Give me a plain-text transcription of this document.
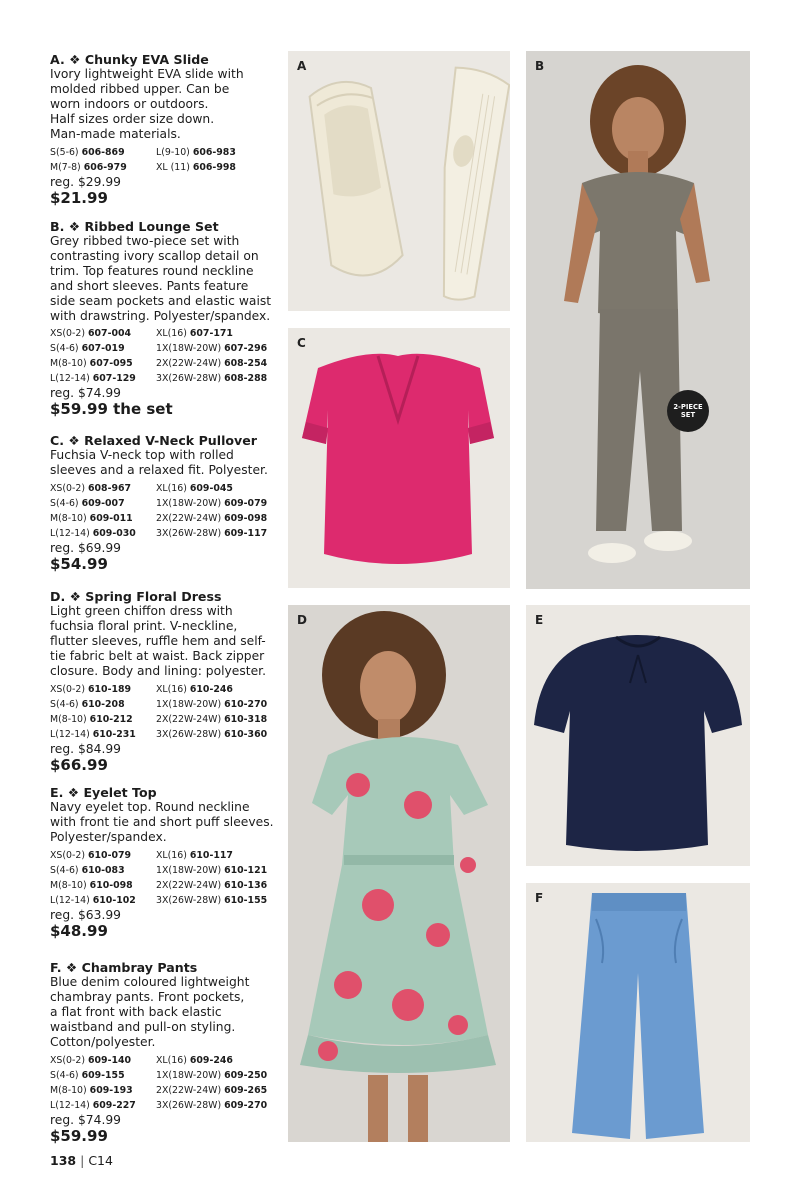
A. ❖ Chunky EVA Slide
Ivory lightweight EVA slide with
molded ribbed upper. Can be
worn indoors or outdoors.
Half sizes order size down.
Man-made materials.
S(5-6) 606-869	L(9-10) 606-983
M(7-8) 606-979	XL (11) 606-998
reg. $29.99
$21.99
B. ❖ Ribbed Lounge Set
Grey ribbed two-piece set with
contrasting ivory scallop detail on
trim. Top features round neckline
and short sleeves. Pants feature
side seam pockets and elastic waist
with drawstring. Polyester/spandex.
XS(0-2) 607-004	XL(16) 607-171
S(4-6) 607-019	1X(18W-20W) 607-296
M(8-10) 607-095	2X(22W-24W) 608-254
L(12-14) 607-129	3X(26W-28W) 608-288
reg. $74.99
$59.99 the set
C. ❖ Relaxed V-Neck Pullover
Fuchsia V-neck top with rolled
sleeves and a relaxed fit. Polyester.
XS(0-2) 608-967	XL(16) 609-045
S(4-6) 609-007	1X(18W-20W) 609-079
M(8-10) 609-011	2X(22W-24W) 609-098
L(12-14) 609-030	3X(26W-28W) 609-117
reg. $69.99
$54.99
D. ❖ Spring Floral Dress
Light green chiffon dress with
fuchsia floral print. V-neckline,
flutter sleeves, ruffle hem and self-
tie fabric belt at waist. Back zipper
closure. Body and lining: polyester.
XS(0-2) 610-189	XL(16) 610-246
S(4-6) 610-208	1X(18W-20W) 610-270
M(8-10) 610-212	2X(22W-24W) 610-318
L(12-14) 610-231	3X(26W-28W) 610-360
reg. $84.99
$66.99
E. ❖ Eyelet Top
Navy eyelet top. Round neckline
with front tie and short puff sleeves.
Polyester/spandex.
XS(0-2) 610-079	XL(16) 610-117
S(4-6) 610-083	1X(18W-20W) 610-121
M(8-10) 610-098	2X(22W-24W) 610-136
L(12-14) 610-102	3X(26W-28W) 610-155
reg. $63.99
$48.99
F. ❖ Chambray Pants
Blue denim coloured lightweight
chambray pants. Front pockets,
a flat front with back elastic
waistband and pull-on styling.
Cotton/polyester.
XS(0-2) 609-140	XL(16) 609-246
S(4-6) 609-155	1X(18W-20W) 609-250
M(8-10) 609-193	2X(22W-24W) 609-265
L(12-14) 609-227	3X(26W-28W) 609-270
reg. $74.99
$59.99
A	B
2-PIECE
SET
C
D	E
F
138 | C14
